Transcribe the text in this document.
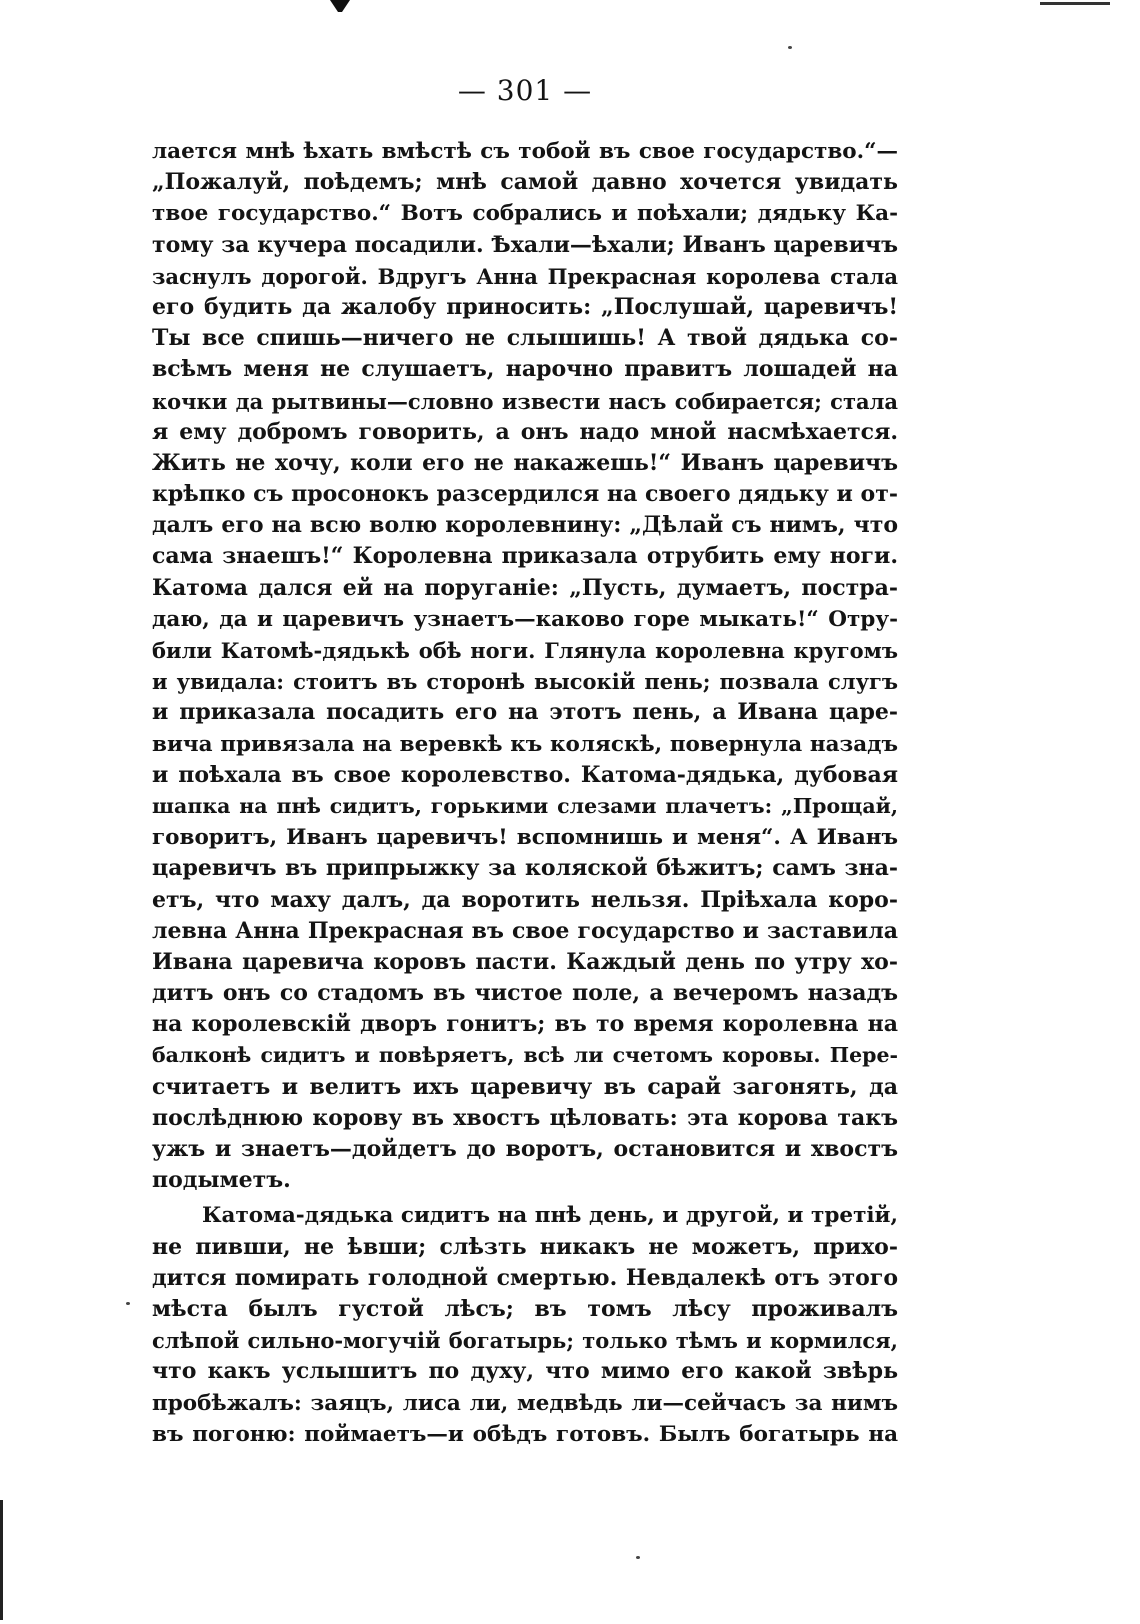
— 301 —
лается мнѣ ѣхать вмѣстѣ съ тобой въ свое государство.“—
„Пожалуй, поѣдемъ; мнѣ самой давно хочется увидать
твое государство.“ Вотъ собрались и поѣхали; дядьку Ка-
тому за кучера посадили. Ѣхали—ѣхали; Иванъ царевичъ
заснулъ дорогой. Вдругъ Анна Прекрасная королева стала
его будить да жалобу приносить: „Послушай, царевичъ!
Ты все спишь—ничего не слышишь! А твой дядька со-
всѣмъ меня не слушаетъ, нарочно правитъ лошадей на
кочки да рытвины—словно извести насъ собирается; стала
я ему добромъ говорить, а онъ надо мной насмѣхается.
Жить не хочу, коли его не накажешь!“ Иванъ царевичъ
крѣпко съ просонокъ разсердился на своего дядьку и от-
далъ его на всю волю королевнину: „Дѣлай съ нимъ, что
сама знаешъ!“ Королевна приказала отрубить ему ноги.
Катома дался ей на поруганіе: „Пусть, думаетъ, постра-
даю, да и царевичъ узнаетъ—каково горе мыкать!“ Отру-
били Катомѣ-дядькѣ обѣ ноги. Глянула королевна кругомъ
и увидала: стоитъ въ сторонѣ высокій пень; позвала слугъ
и приказала посадить его на этотъ пень, а Ивана царе-
вича привязала на веревкѣ къ коляскѣ, повернула назадъ
и поѣхала въ свое королевство. Катома-дядька, дубовая
шапка на пнѣ сидитъ, горькими слезами плачетъ: „Прощай,
говоритъ, Иванъ царевичъ! вспомнишь и меня“. А Иванъ
царевичъ въ припрыжку за коляской бѣжитъ; самъ зна-
етъ, что маху далъ, да воротить нельзя. Пріѣхала коро-
левна Анна Прекрасная въ свое государство и заставила
Ивана царевича коровъ пасти. Каждый день по утру хо-
дитъ онъ со стадомъ въ чистое поле, а вечеромъ назадъ
на королевскій дворъ гонитъ; въ то время королевна на
балконѣ сидитъ и повѣряетъ, всѣ ли счетомъ коровы. Пере-
считаетъ и велитъ ихъ царевичу въ сарай загонять, да
послѣднюю корову въ хвостъ цѣловать: эта корова такъ
ужъ и знаетъ—дойдетъ до воротъ, остановится и хвостъ
подыметъ.
Катома-дядька сидитъ на пнѣ день, и другой, и третій,
не пивши, не ѣвши; слѣзть никакъ не можетъ, прихо-
дится помирать голодной смертью. Невдалекѣ отъ этого
мѣста былъ густой лѣсъ; въ томъ лѣсу проживалъ
слѣпой сильно-могучій богатырь; только тѣмъ и кормился,
что какъ услышитъ по духу, что мимо его какой звѣрь
пробѣжалъ: заяцъ, лиса ли, медвѣдь ли—сейчасъ за нимъ
въ погоню: поймаетъ—и обѣдъ готовъ. Былъ богатырь на
